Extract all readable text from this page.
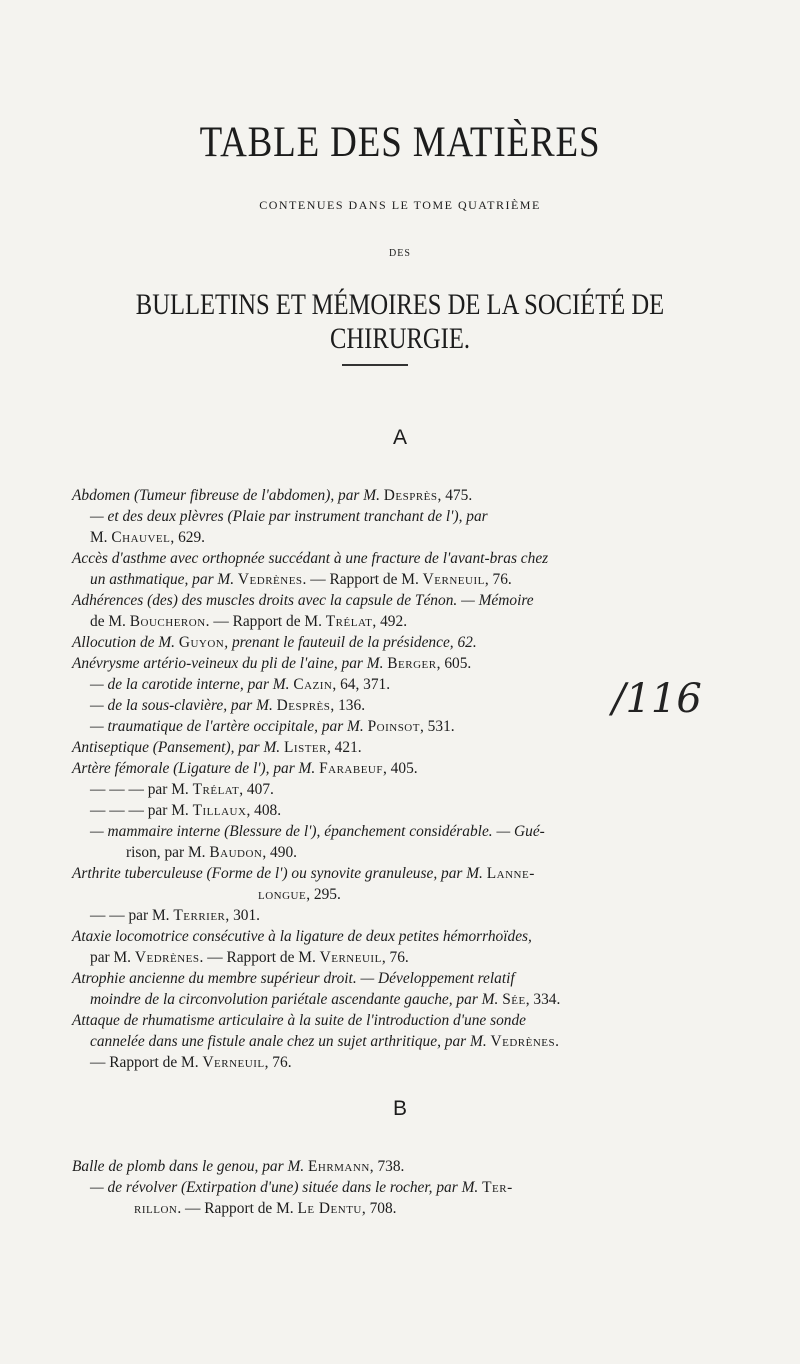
TABLE DES MATIÈRES
CONTENUES DANS LE TOME QUATRIÈME
DES
BULLETINS ET MÉMOIRES DE LA SOCIÉTÉ DE CHIRURGIE.
A
Abdomen (Tumeur fibreuse de l'abdomen), par M. Desprès, 475.
— et des deux plèvres (Plaie par instrument tranchant de l'), par
M. Chauvel, 629.
Accès d'asthme avec orthopnée succédant à une fracture de l'avant-bras chez
un asthmatique, par M. Vedrènes. — Rapport de M. Verneuil, 76.
Adhérences (des) des muscles droits avec la capsule de Ténon. — Mémoire
de M. Boucheron. — Rapport de M. Trélat, 492.
Allocution de M. Guyon, prenant le fauteuil de la présidence, 62.
Anévrysme artério-veineux du pli de l'aine, par M. Berger, 605.
— de la carotide interne, par M. Cazin, 64, 371.
— de la sous-clavière, par M. Desprès, 136.
— traumatique de l'artère occipitale, par M. Poinsot, 531.
Antiseptique (Pansement), par M. Lister, 421.
Artère fémorale (Ligature de l'), par M. Farabeuf, 405.
— — — par M. Trélat, 407.
— — — par M. Tillaux, 408.
— mammaire interne (Blessure de l'), épanchement considérable. — Gué-
rison, par M. Baudon, 490.
Arthrite tuberculeuse (Forme de l') ou synovite granuleuse, par M. Lanne-
longue, 295.
— — par M. Terrier, 301.
Ataxie locomotrice consécutive à la ligature de deux petites hémorrhoïdes,
par M. Vedrènes. — Rapport de M. Verneuil, 76.
Atrophie ancienne du membre supérieur droit. — Développement relatif
moindre de la circonvolution pariétale ascendante gauche, par M. Sée, 334.
Attaque de rhumatisme articulaire à la suite de l'introduction d'une sonde
cannelée dans une fistule anale chez un sujet arthritique, par M. Vedrènes.
— Rapport de M. Verneuil, 76.
B
Balle de plomb dans le genou, par M. Ehrmann, 738.
— de révolver (Extirpation d'une) située dans le rocher, par M. Ter-
rillon. — Rapport de M. Le Dentu, 708.
/116
